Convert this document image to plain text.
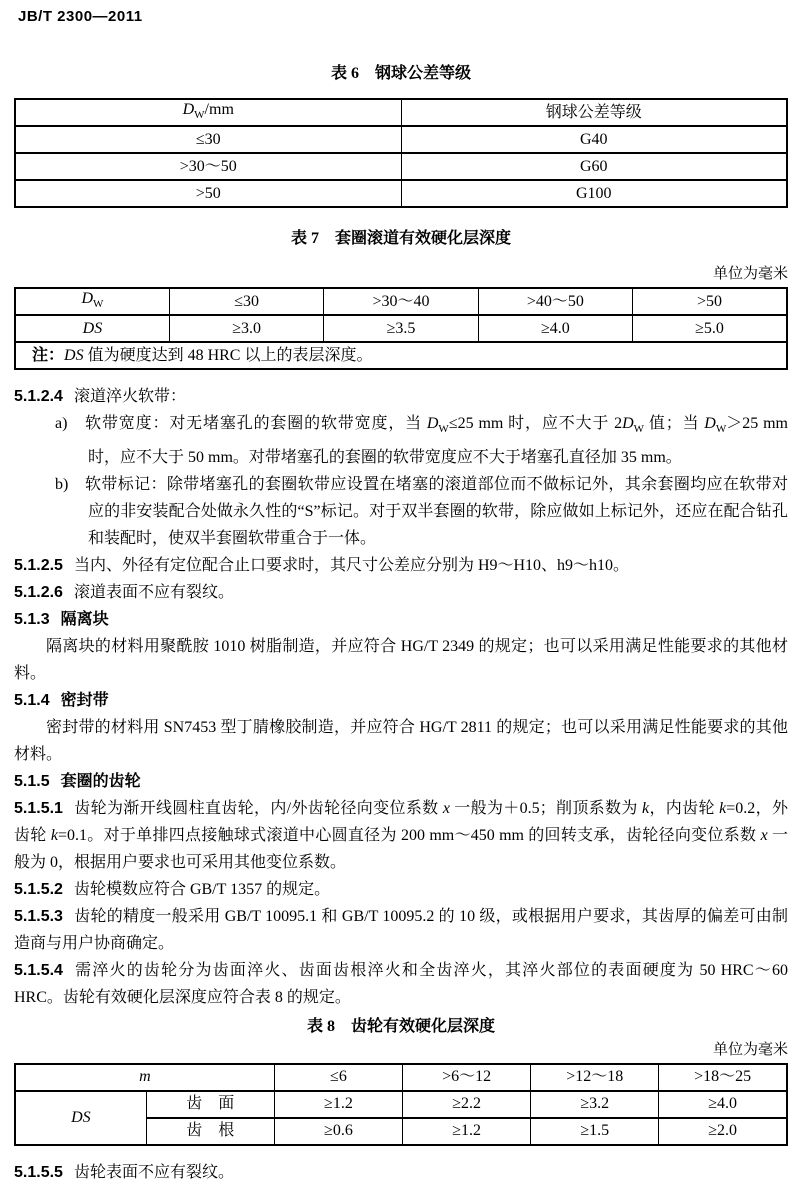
JB/T 2300—2011
表 6　钢球公差等级
$D_W/mm$	钢球公差等级
≤30	G40
>30～50	G60
>50	G100
表 7　套圈滚道有效硬化层深度
单位为毫米
$D_W$	≤30	>30～40	>40～50	>50
DS	≥3.0	≥3.5	≥4.0	≥5.0
注：DS 值为硬度达到 48 HRC 以上的表层深度。				

5.1.2.4 滚道淬火软带：

a)　软带宽度：对无堵塞孔的套圈的软带宽度，当 $D_W\le 25$ mm 时，应不大于 $2D_W$ 值；当 $D_W>25$ mm 时，应不大于 50 mm。对带堵塞孔的套圈的软带宽度应不大于堵塞孔直径加 35 mm。

b)　软带标记：除带堵塞孔的套圈软带应设置在堵塞的滚道部位而不做标记外，其余套圈均应在软带对应的非安装配合处做永久性的“S”标记。对于双半套圈的软带，除应做如上标记外，还应在配合钻孔和装配时，使双半套圈软带重合于一体。

5.1.2.5 当内、外径有定位配合止口要求时，其尺寸公差应分别为 H9～H10、h9～h10。

5.1.2.6 滚道表面不应有裂纹。

5.1.3 隔离块

隔离块的材料用聚酰胺 1010 树脂制造，并应符合 HG/T 2349 的规定；也可以采用满足性能要求的其他材料。

5.1.4 密封带

密封带的材料用 SN7453 型丁腈橡胶制造，并应符合 HG/T 2811 的规定；也可以采用满足性能要求的其他材料。

5.1.5 套圈的齿轮

5.1.5.1 齿轮为渐开线圆柱直齿轮，内/外齿轮径向变位系数 x 一般为＋0.5；削顶系数为 k，内齿轮 k=0.2，外齿轮 k=0.1。对于单排四点接触球式滚道中心圆直径为 200 mm～450 mm 的回转支承，齿轮径向变位系数 x 一般为 0，根据用户要求也可采用其他变位系数。

5.1.5.2 齿轮模数应符合 GB/T 1357 的规定。

5.1.5.3 齿轮的精度一般采用 GB/T 10095.1 和 GB/T 10095.2 的 10 级，或根据用户要求，其齿厚的偏差可由制造商与用户协商确定。

5.1.5.4 需淬火的齿轮分为齿面淬火、齿面齿根淬火和全齿淬火，其淬火部位的表面硬度为 50 HRC～60 HRC。齿轮有效硬化层深度应符合表 8 的规定。

表 8　齿轮有效硬化层深度
单位为毫米
m		≤6	>6～12	>12～18	>18～25
DS	齿　面	≥1.2	≥2.2	≥3.2	≥4.0
	齿　根	≥0.6	≥1.2	≥1.5	≥2.0

5.1.5.5 齿轮表面不应有裂纹。
